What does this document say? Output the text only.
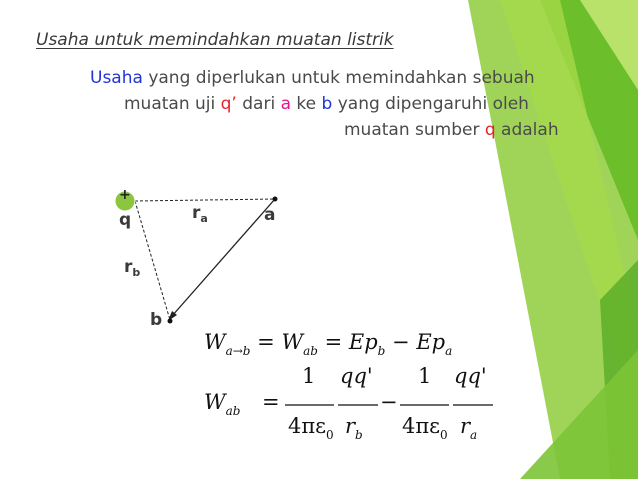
Usaha untuk memindahkan muatan listrik
Usaha yang diperlukan untuk memindahkan sebuah
muatan uji q’ dari a ke b yang dipengaruhi oleh
muatan sumber q adalah
+
q	$r_a$	a
$r_b$
b
$W_{a\to b} = W_{ab} = Ep_b - Ep_a$
$W_{ab}$ =
1
$4\pi\varepsilon_0$
qq'
$r_b$
−
1
$4\pi\varepsilon_0$
qq'
$r_a$
